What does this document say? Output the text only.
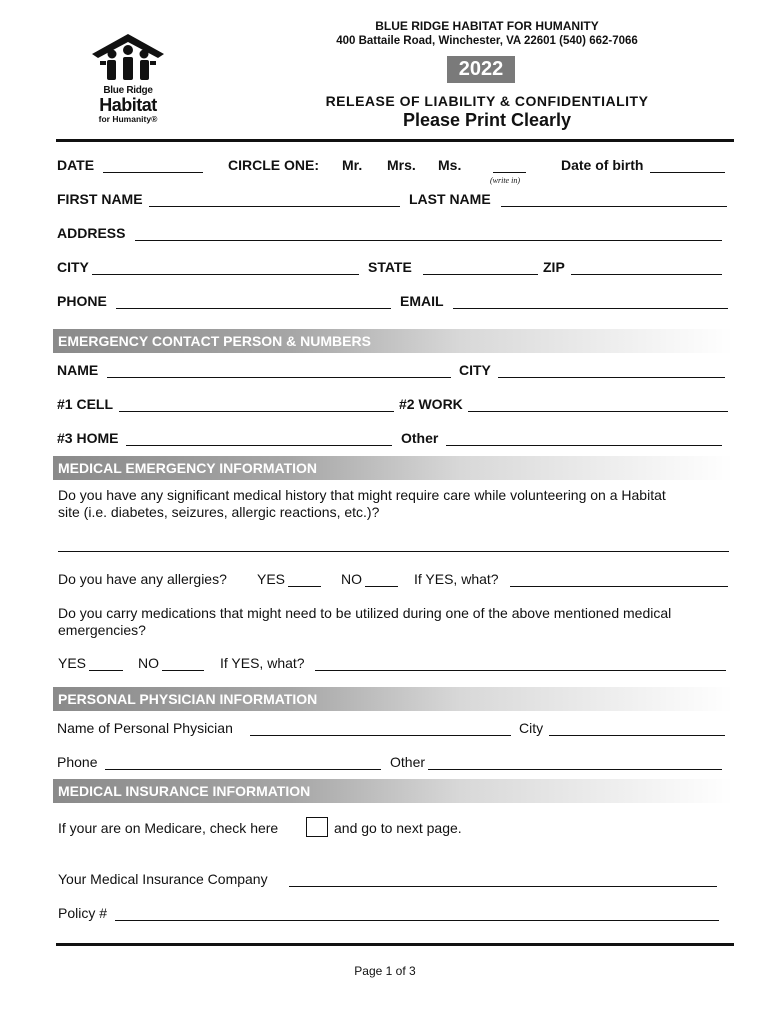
Blue Ridge
Habitat
for Humanity®
BLUE RIDGE HABITAT FOR HUMANITY
400 Battaile Road, Winchester, VA 22601 (540) 662-7066
2022
RELEASE OF LIABILITY & CONFIDENTIALITY
Please Print Clearly
DATE	CIRCLE ONE: Mr. Mrs. Ms.
(write in)
Date of birth
FIRST NAME	LAST NAME
ADDRESS
CITY	STATE	ZIP
PHONE	EMAIL
EMERGENCY CONTACT PERSON & NUMBERS
NAME	CITY
#1 CELL	#2 WORK
#3 HOME	Other
MEDICAL EMERGENCY INFORMATION
Do you have any significant medical history that might require care while volunteering on a Habitat
site (i.e. diabetes, seizures, allergic reactions, etc.)?
Do you have any allergies? YES	NO	If YES, what?
Do you carry medications that might need to be utilized during one of the above mentioned medical
emergencies?
YES	NO	If YES, what?
PERSONAL PHYSICIAN INFORMATION
Name of Personal Physician	City
Phone	Other
MEDICAL INSURANCE INFORMATION
If your are on Medicare, check here	and go to next page.
Your Medical Insurance Company
Policy #
Page 1 of 3
